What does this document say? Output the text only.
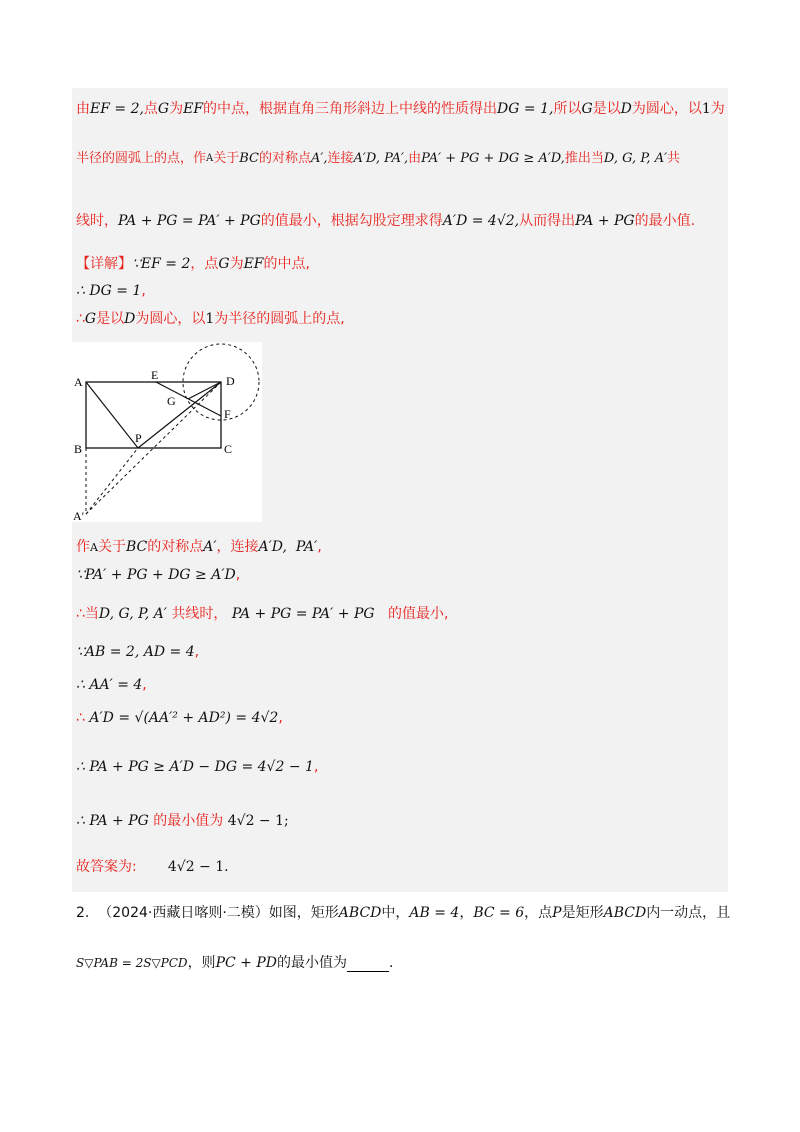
由EF = 2,点G为EF的中点，根据直角三角形斜边上中线的性质得出DG = 1,所以G是以D为圆心，以1为
半径的圆弧上的点，作$^A$关于BC的对称点A′,连接A′D, PA′,由PA′ + PG + DG ≥ A′D,推出当D, G, P, A′共
线时，PA + PG = PA′ + PG的值最小，根据勾股定理求得A′D = 4√2,从而得出PA + PG的最小值.
【详解】∵EF = 2，点G为EF的中点,
∴ DG = 1,
∴G是以D为圆心，以1为半径的圆弧上的点,
A
B	C
D
E
F
G
P
A′
作A关于BC的对称点A′，连接A′D, PA′,
∵PA′ + PG + DG ≥ A′D,
∴当D, G, P, A′ 共线时， PA + PG = PA′ + PG 的值最小,
∵AB = 2, AD = 4,
∴ AA′ = 4,
∴ A′D = √(AA′² + AD²) = 4√2,
∴ PA + PG ≥ A′D − DG = 4√2 − 1,
∴ PA + PG 的最小值为 4√2 − 1;
故答案为: 4√2 − 1.
2. （2024·西藏日喀则·二模）如图，矩形ABCD中，AB = 4，BC = 6，点P是矩形ABCD内一动点，且
S▽PAB = 2S▽PCD，则PC + PD的最小值为	.
